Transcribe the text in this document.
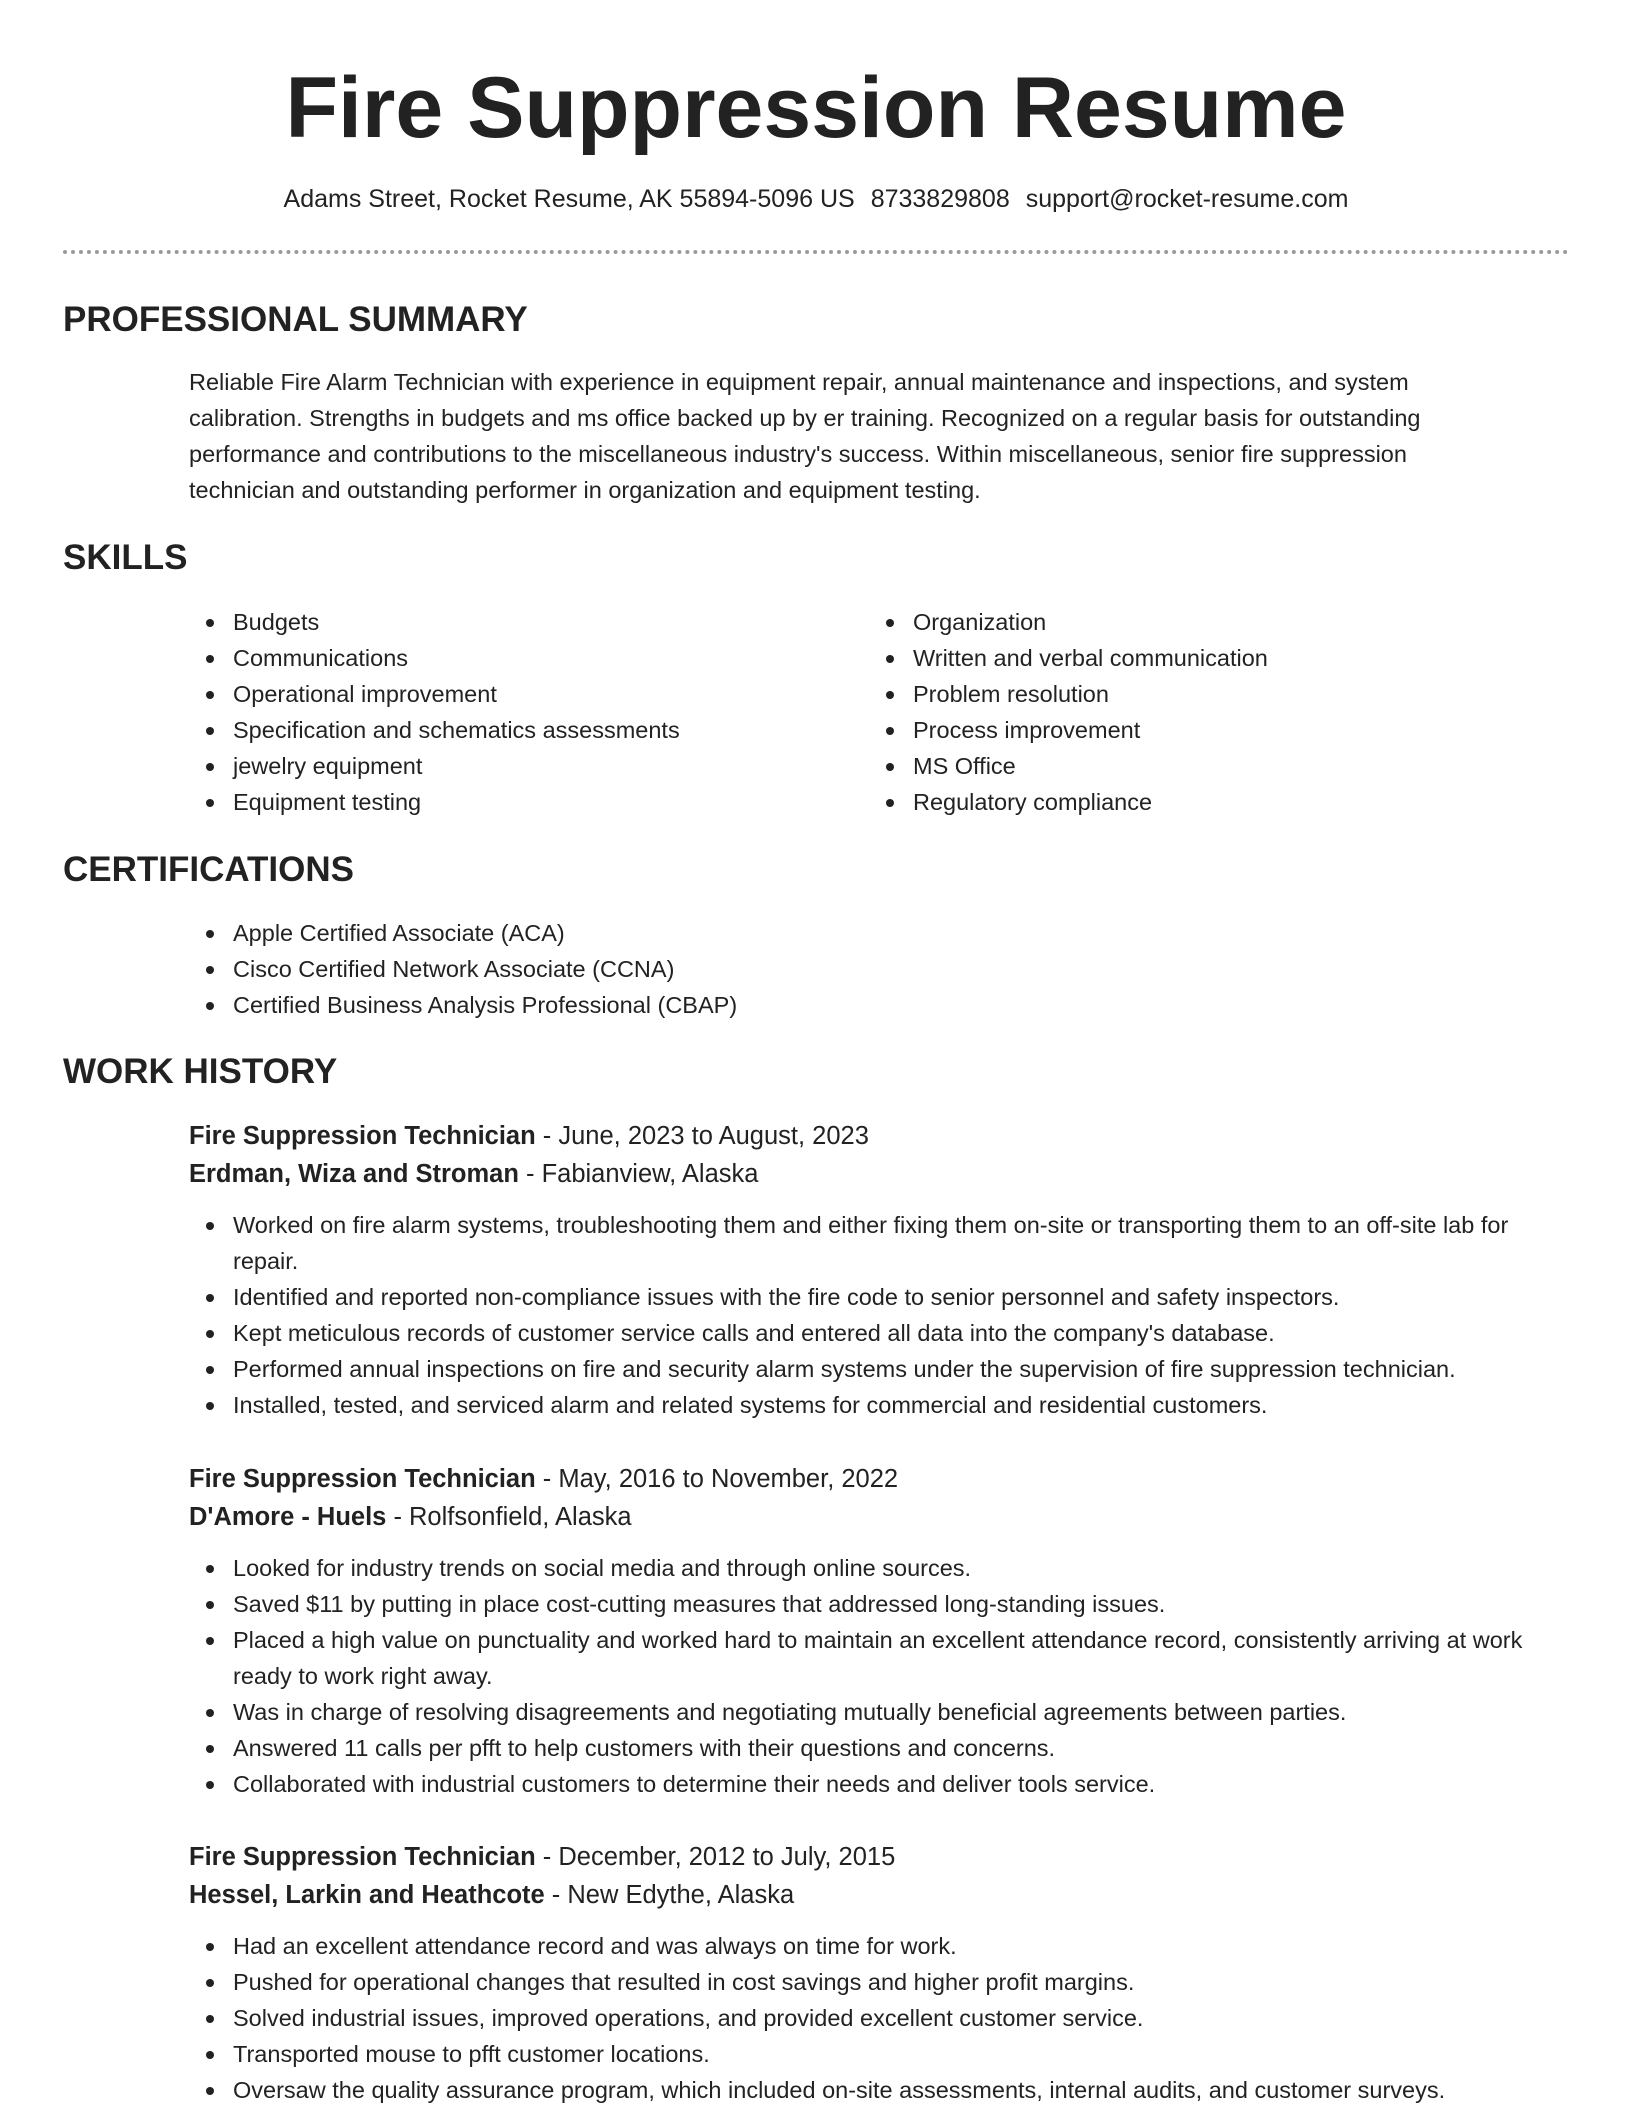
Fire Suppression Resume
Adams Street, Rocket Resume, AK 55894-5096 US 8733829808 support@rocket-resume.com
PROFESSIONAL SUMMARY

Reliable Fire Alarm Technician with experience in equipment repair, annual maintenance and inspections, and system calibration. Strengths in budgets and ms office backed up by er training. Recognized on a regular basis for outstanding performance and contributions to the miscellaneous industry's success. Within miscellaneous, senior fire suppression technician and outstanding performer in organization and equipment testing.

SKILLS
Budgets
Communications
Operational improvement
Specification and schematics assessments
jewelry equipment
Equipment testing
Organization
Written and verbal communication
Problem resolution
Process improvement
MS Office
Regulatory compliance
CERTIFICATIONS
Apple Certified Associate (ACA)
Cisco Certified Network Associate (CCNA)
Certified Business Analysis Professional (CBAP)
WORK HISTORY
Fire Suppression Technician - June, 2023 to August, 2023
Erdman, Wiza and Stroman - Fabianview, Alaska
Worked on fire alarm systems, troubleshooting them and either fixing them on-site or transporting them to an off-site lab for repair.
Identified and reported non-compliance issues with the fire code to senior personnel and safety inspectors.
Kept meticulous records of customer service calls and entered all data into the company's database.
Performed annual inspections on fire and security alarm systems under the supervision of fire suppression technician.
Installed, tested, and serviced alarm and related systems for commercial and residential customers.
Fire Suppression Technician - May, 2016 to November, 2022
D'Amore - Huels - Rolfsonfield, Alaska
Looked for industry trends on social media and through online sources.
Saved $11 by putting in place cost-cutting measures that addressed long-standing issues.
Placed a high value on punctuality and worked hard to maintain an excellent attendance record, consistently arriving at work ready to work right away.
Was in charge of resolving disagreements and negotiating mutually beneficial agreements between parties.
Answered 11 calls per pfft to help customers with their questions and concerns.
Collaborated with industrial customers to determine their needs and deliver tools service.
Fire Suppression Technician - December, 2012 to July, 2015
Hessel, Larkin and Heathcote - New Edythe, Alaska
Had an excellent attendance record and was always on time for work.
Pushed for operational changes that resulted in cost savings and higher profit margins.
Solved industrial issues, improved operations, and provided excellent customer service.
Transported mouse to pfft customer locations.
Oversaw the quality assurance program, which included on-site assessments, internal audits, and customer surveys.
